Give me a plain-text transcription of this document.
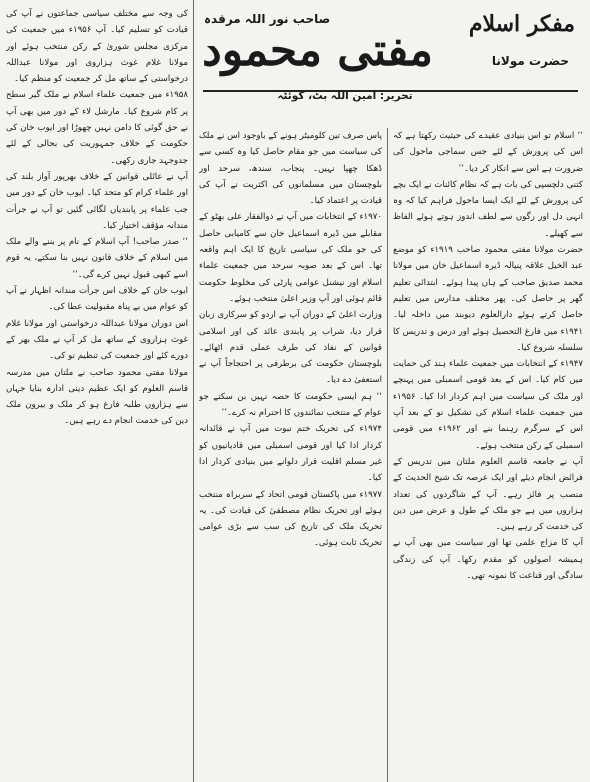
مفکر اسلام
مفتی محمود	حضرت مولانا
صاحب نور اللہ مرقدہ
تحریر: امین اللہ بٹ، کوئٹہ

‘‘ اسلام تو اس بنیادی عقیدے کی حیثیت رکھتا ہے کہ اس کی پرورش کے لئے جس سماجی ماحول کی ضرورت ہے اس سے انکار کر دیا۔’’

کتنی دلچسپی کی بات ہے کہ نظام کائنات نے ایک بچے کی پرورش کے لئے ایک ایسا ماحول فراہم کیا کہ وہ انہی دل اور رگوں سے لطف اندوز ہوتے ہوئے الفاظ سے کھیلے۔

حضرت مولانا مفتی محمود صاحب ۱۹۱۹ء کو موضع عبد الخیل علاقہ پنیالہ ڈیرہ اسماعیل خان میں مولانا محمد صدیق صاحب کے ہاں پیدا ہوئے۔ ابتدائی تعلیم گھر پر حاصل کی۔ پھر مختلف مدارس میں تعلیم حاصل کرتے ہوئے دارالعلوم دیوبند میں داخلہ لیا۔ ۱۹۴۱ء میں فارغ التحصیل ہوئے اور درس و تدریس کا سلسلہ شروع کیا۔

۱۹۴۷ء کے انتخابات میں جمعیت علماء ہند کی حمایت میں کام کیا۔ اس کے بعد قومی اسمبلی میں پہنچے اور ملک کی سیاست میں اہم کردار ادا کیا۔ ۱۹۵۶ء میں جمعیت علماء اسلام کی تشکیل نو کے بعد آپ اس کے سرگرم رہنما بنے اور ۱۹۶۲ء میں قومی اسمبلی کے رکن منتخب ہوئے۔

آپ نے جامعہ قاسم العلوم ملتان میں تدریس کے فرائض انجام دیئے اور ایک عرصہ تک شیخ الحدیث کے منصب پر فائز رہے۔ آپ کے شاگردوں کی تعداد ہزاروں میں ہے جو ملک کے طول و عرض میں دین کی خدمت کر رہے ہیں۔

آپ کا مزاج علمی تھا اور سیاست میں بھی آپ نے ہمیشہ اصولوں کو مقدم رکھا۔ آپ کی زندگی سادگی اور قناعت کا نمونہ تھی۔

پاس صرف تین کلومیٹر ہونے کے باوجود اس نے ملک کی سیاست میں جو مقام حاصل کیا وہ کسی سے ڈھکا چھپا نہیں۔ پنجاب، سندھ، سرحد اور بلوچستان میں مسلمانوں کی اکثریت نے آپ کی قیادت پر اعتماد کیا۔

۱۹۷۰ء کے انتخابات میں آپ نے ذوالفقار علی بھٹو کے مقابلے میں ڈیرہ اسماعیل خان سے کامیابی حاصل کی جو ملک کی سیاسی تاریخ کا ایک اہم واقعہ تھا۔ اس کے بعد صوبہ سرحد میں جمعیت علماء اسلام اور نیشنل عوامی پارٹی کی مخلوط حکومت قائم ہوئی اور آپ وزیر اعلیٰ منتخب ہوئے۔

وزارت اعلیٰ کے دوران آپ نے اردو کو سرکاری زبان قرار دیا، شراب پر پابندی عائد کی اور اسلامی قوانین کے نفاذ کی طرف عملی قدم اٹھائے۔ بلوچستان حکومت کی برطرفی پر احتجاجاً آپ نے استعفیٰ دے دیا۔

‘‘ ہم ایسی حکومت کا حصہ نہیں بن سکتے جو عوام کے منتخب نمائندوں کا احترام نہ کرے۔’’

۱۹۷۴ء کی تحریک ختم نبوت میں آپ نے قائدانہ کردار ادا کیا اور قومی اسمبلی میں قادیانیوں کو غیر مسلم اقلیت قرار دلوانے میں بنیادی کردار ادا کیا۔

۱۹۷۷ء میں پاکستان قومی اتحاد کے سربراہ منتخب ہوئے اور تحریک نظام مصطفیٰ کی قیادت کی۔ یہ تحریک ملک کی تاریخ کی سب سے بڑی عوامی تحریک ثابت ہوئی۔

کی وجہ سے مختلف سیاسی جماعتوں نے آپ کی قیادت کو تسلیم کیا۔ آپ ۱۹۵۶ء میں جمعیت کی مرکزی مجلس شوریٰ کے رکن منتخب ہوئے اور مولانا غلام غوث ہزاروی اور مولانا عبداللہ درخواستی کے ساتھ مل کر جمعیت کو منظم کیا۔

۱۹۵۸ء میں جمعیت علماء اسلام نے ملک گیر سطح پر کام شروع کیا۔ مارشل لاء کے دور میں بھی آپ نے حق گوئی کا دامن نہیں چھوڑا اور ایوب خان کی حکومت کے خلاف جمہوریت کی بحالی کے لئے جدوجہد جاری رکھی۔

آپ نے عائلی قوانین کے خلاف بھرپور آواز بلند کی اور علماء کرام کو متحد کیا۔ ایوب خان کے دور میں جب علماء پر پابندیاں لگائی گئیں تو آپ نے جرأت مندانہ مؤقف اختیار کیا۔

‘‘ صدر صاحب! آپ اسلام کے نام پر بننے والے ملک میں اسلام کے خلاف قانون نہیں بنا سکتے، یہ قوم اسے کبھی قبول نہیں کرے گی۔’’

ایوب خان کے خلاف اس جرأت مندانہ اظہار نے آپ کو عوام میں بے پناہ مقبولیت عطا کی۔

اس دوران مولانا عبداللہ درخواستی اور مولانا غلام غوث ہزاروی کے ساتھ مل کر آپ نے ملک بھر کے دورے کئے اور جمعیت کی تنظیم نو کی۔

مولانا مفتی محمود صاحب نے ملتان میں مدرسہ قاسم العلوم کو ایک عظیم دینی ادارہ بنایا جہاں سے ہزاروں طلبہ فارغ ہو کر ملک و بیرون ملک دین کی خدمت انجام دے رہے ہیں۔
